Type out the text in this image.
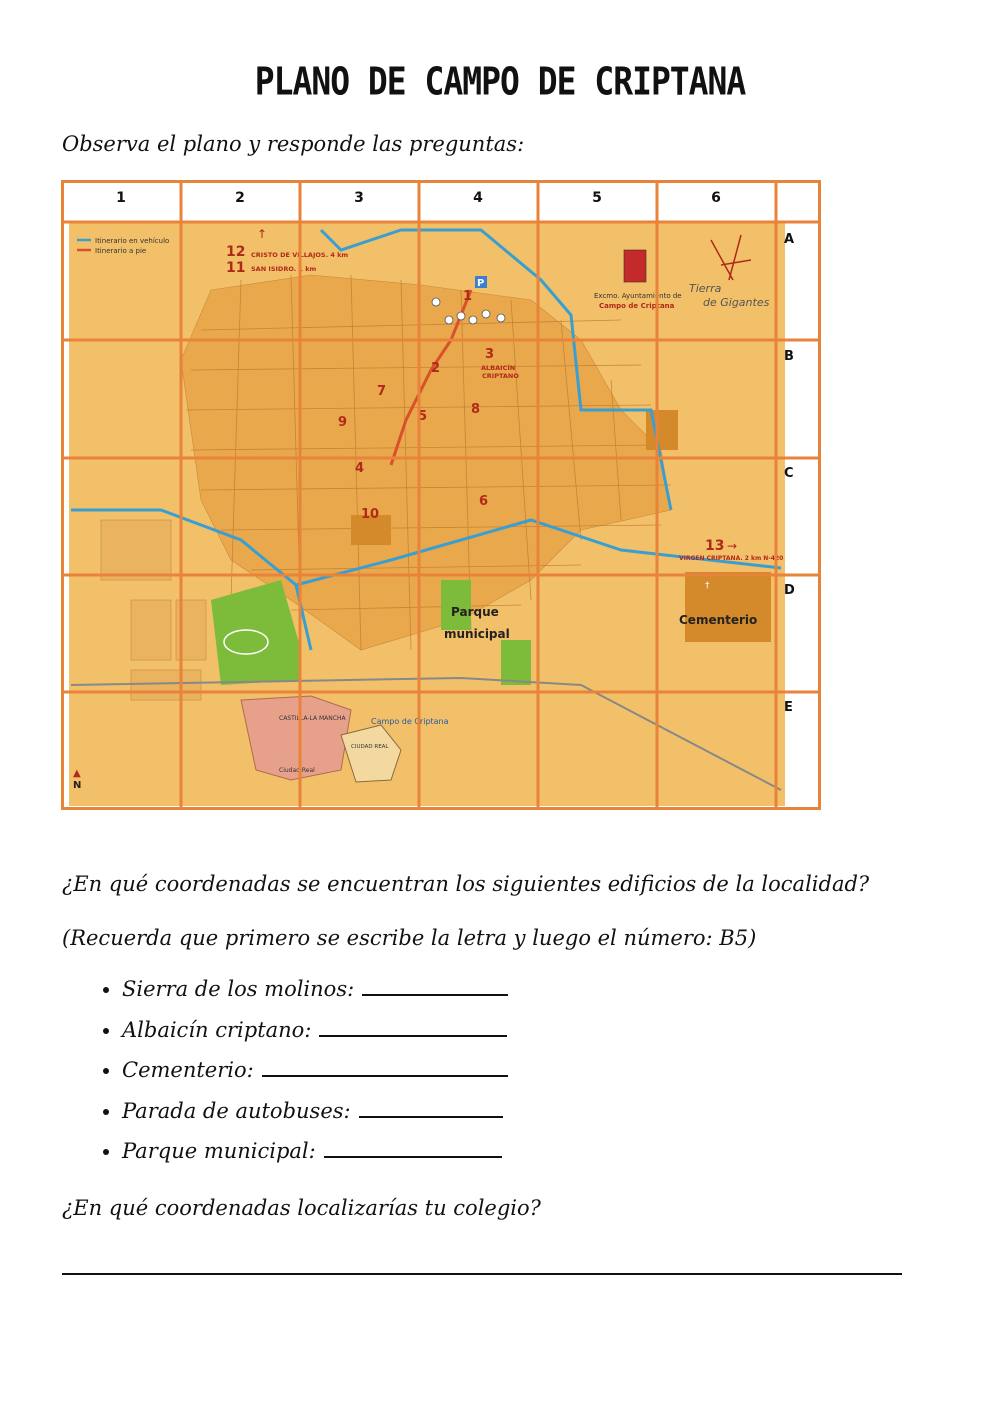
PLANO DE CAMPO DE CRIPTANA
Observa el plano y responde las preguntas:
Itinerario en vehículo
Itinerario a pie	12
↑
CRISTO DE VILLAJOS. 4 km
11 SAN ISIDRO. 1 km
13 →
VIRGEN CRIPTANA. 2 km N-420
Excmo. Ayuntamiento de
Campo de Criptana
Tierra
de Gigantes
P
1
2
3
4
5
6
7
8
9
10
ALBAICÍN
CRIPTANO
Parque
municipal
Cementerio
†
CASTILLA-LA MANCHA	Campo de Criptana
CIUDAD REAL
Ciudad Real
▲
N
1	2	3	4	5	6
A
B
C
D
E
¿En qué coordenadas se encuentran los siguientes edificios de la localidad?
(Recuerda que primero se escribe la letra y luego el número: B5)
• Sierra de los molinos:
• Albaicín criptano:
• Cementerio:
• Parada de autobuses:
• Parque municipal:
¿En qué coordenadas localizarías tu colegio?
